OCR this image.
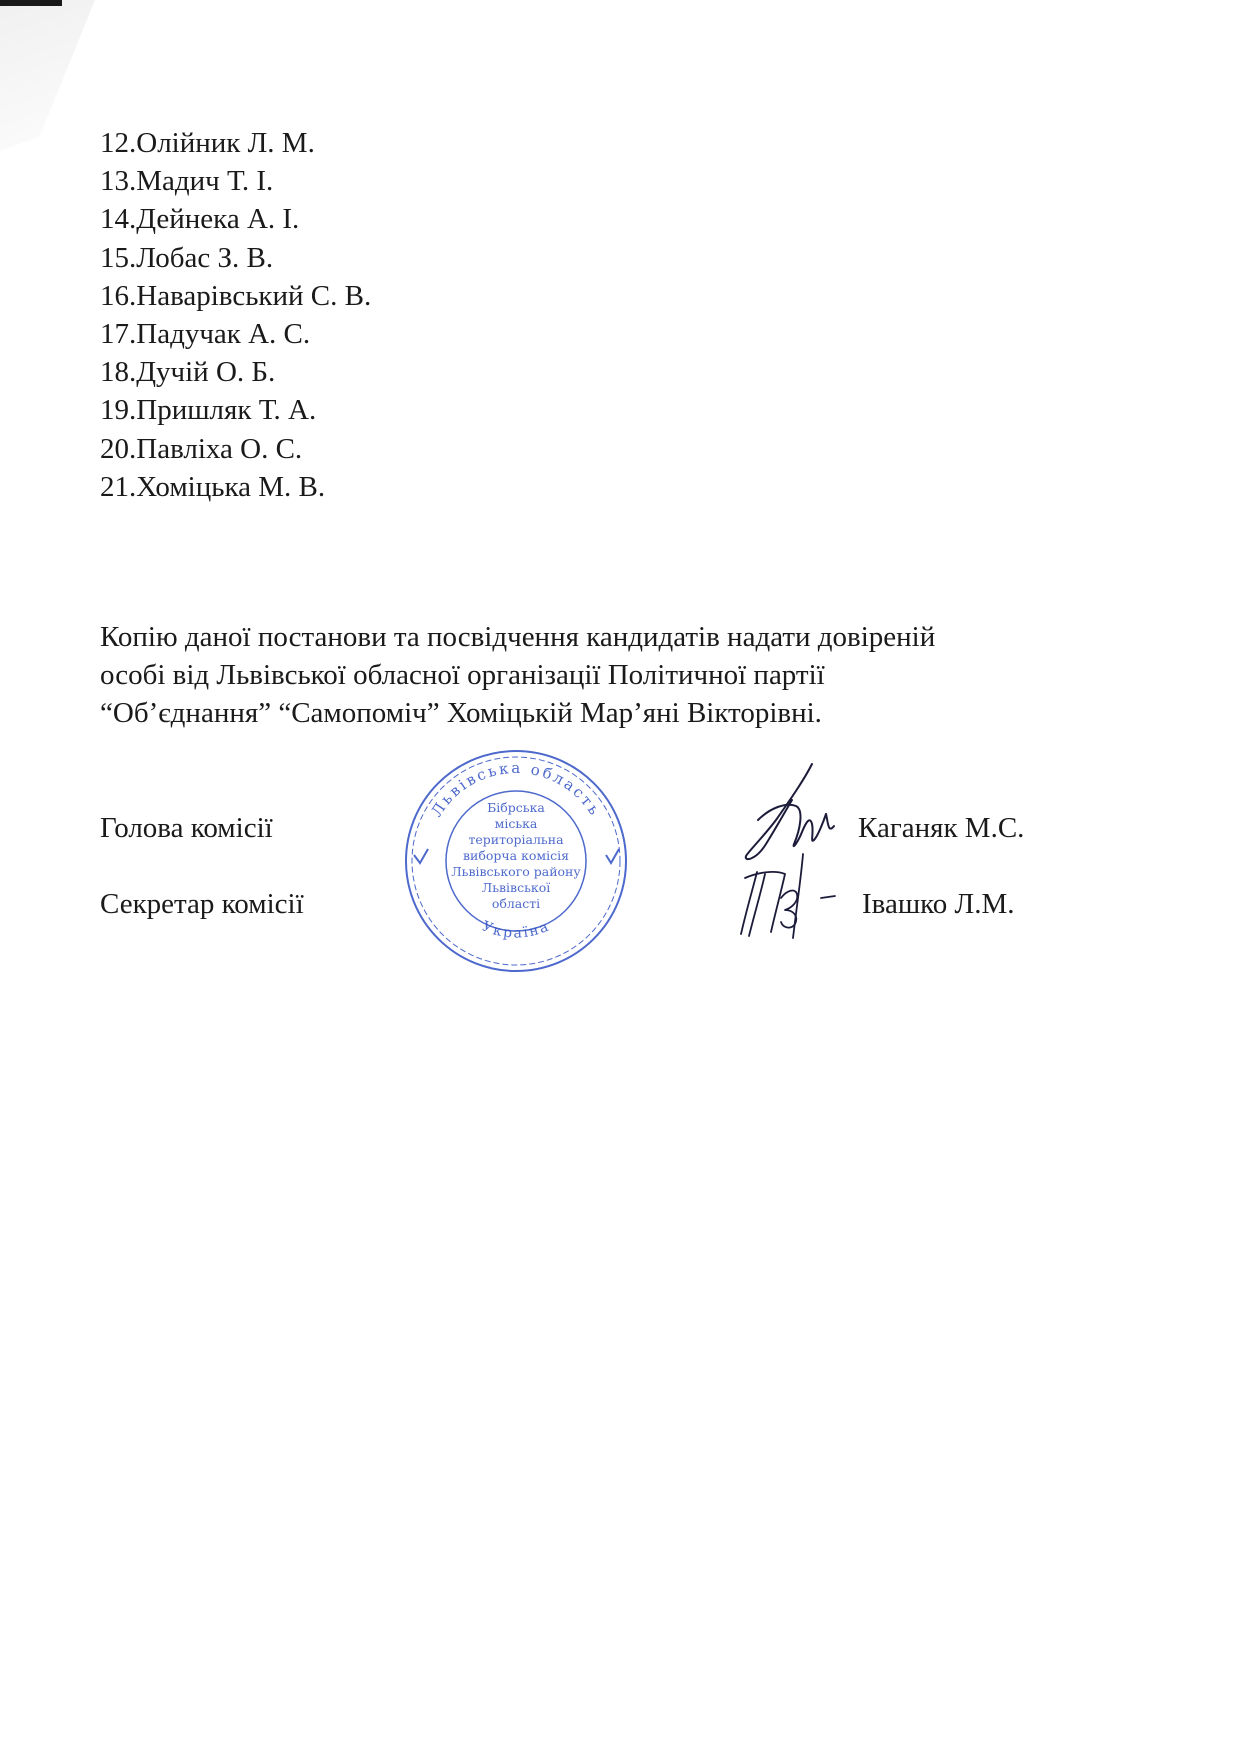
12.Олійник Л. М.
13.Мадич Т. І.
14.Дейнека А. І.
15.Лобас З. В.
16.Наварівський С. В.
17.Падучак А. С.
18.Дучій О. Б.
19.Пришляк Т. А.
20.Павліха О. С.
21.Хоміцька М. В.
Копію даної постанови та посвідчення кандидатів надати довіреній
особі від Львівської обласної організації Політичної партії
“Об’єднання” “Самопоміч” Хоміцькій Мар’яні Вікторівні.
Голова комісії	Каганяк М.С.
Секретар комісії	Івашко Л.М.
Львівська область
Україна
Бібрська
міська
територіальна
виборча комісія
Львівського району
Львівської
області
